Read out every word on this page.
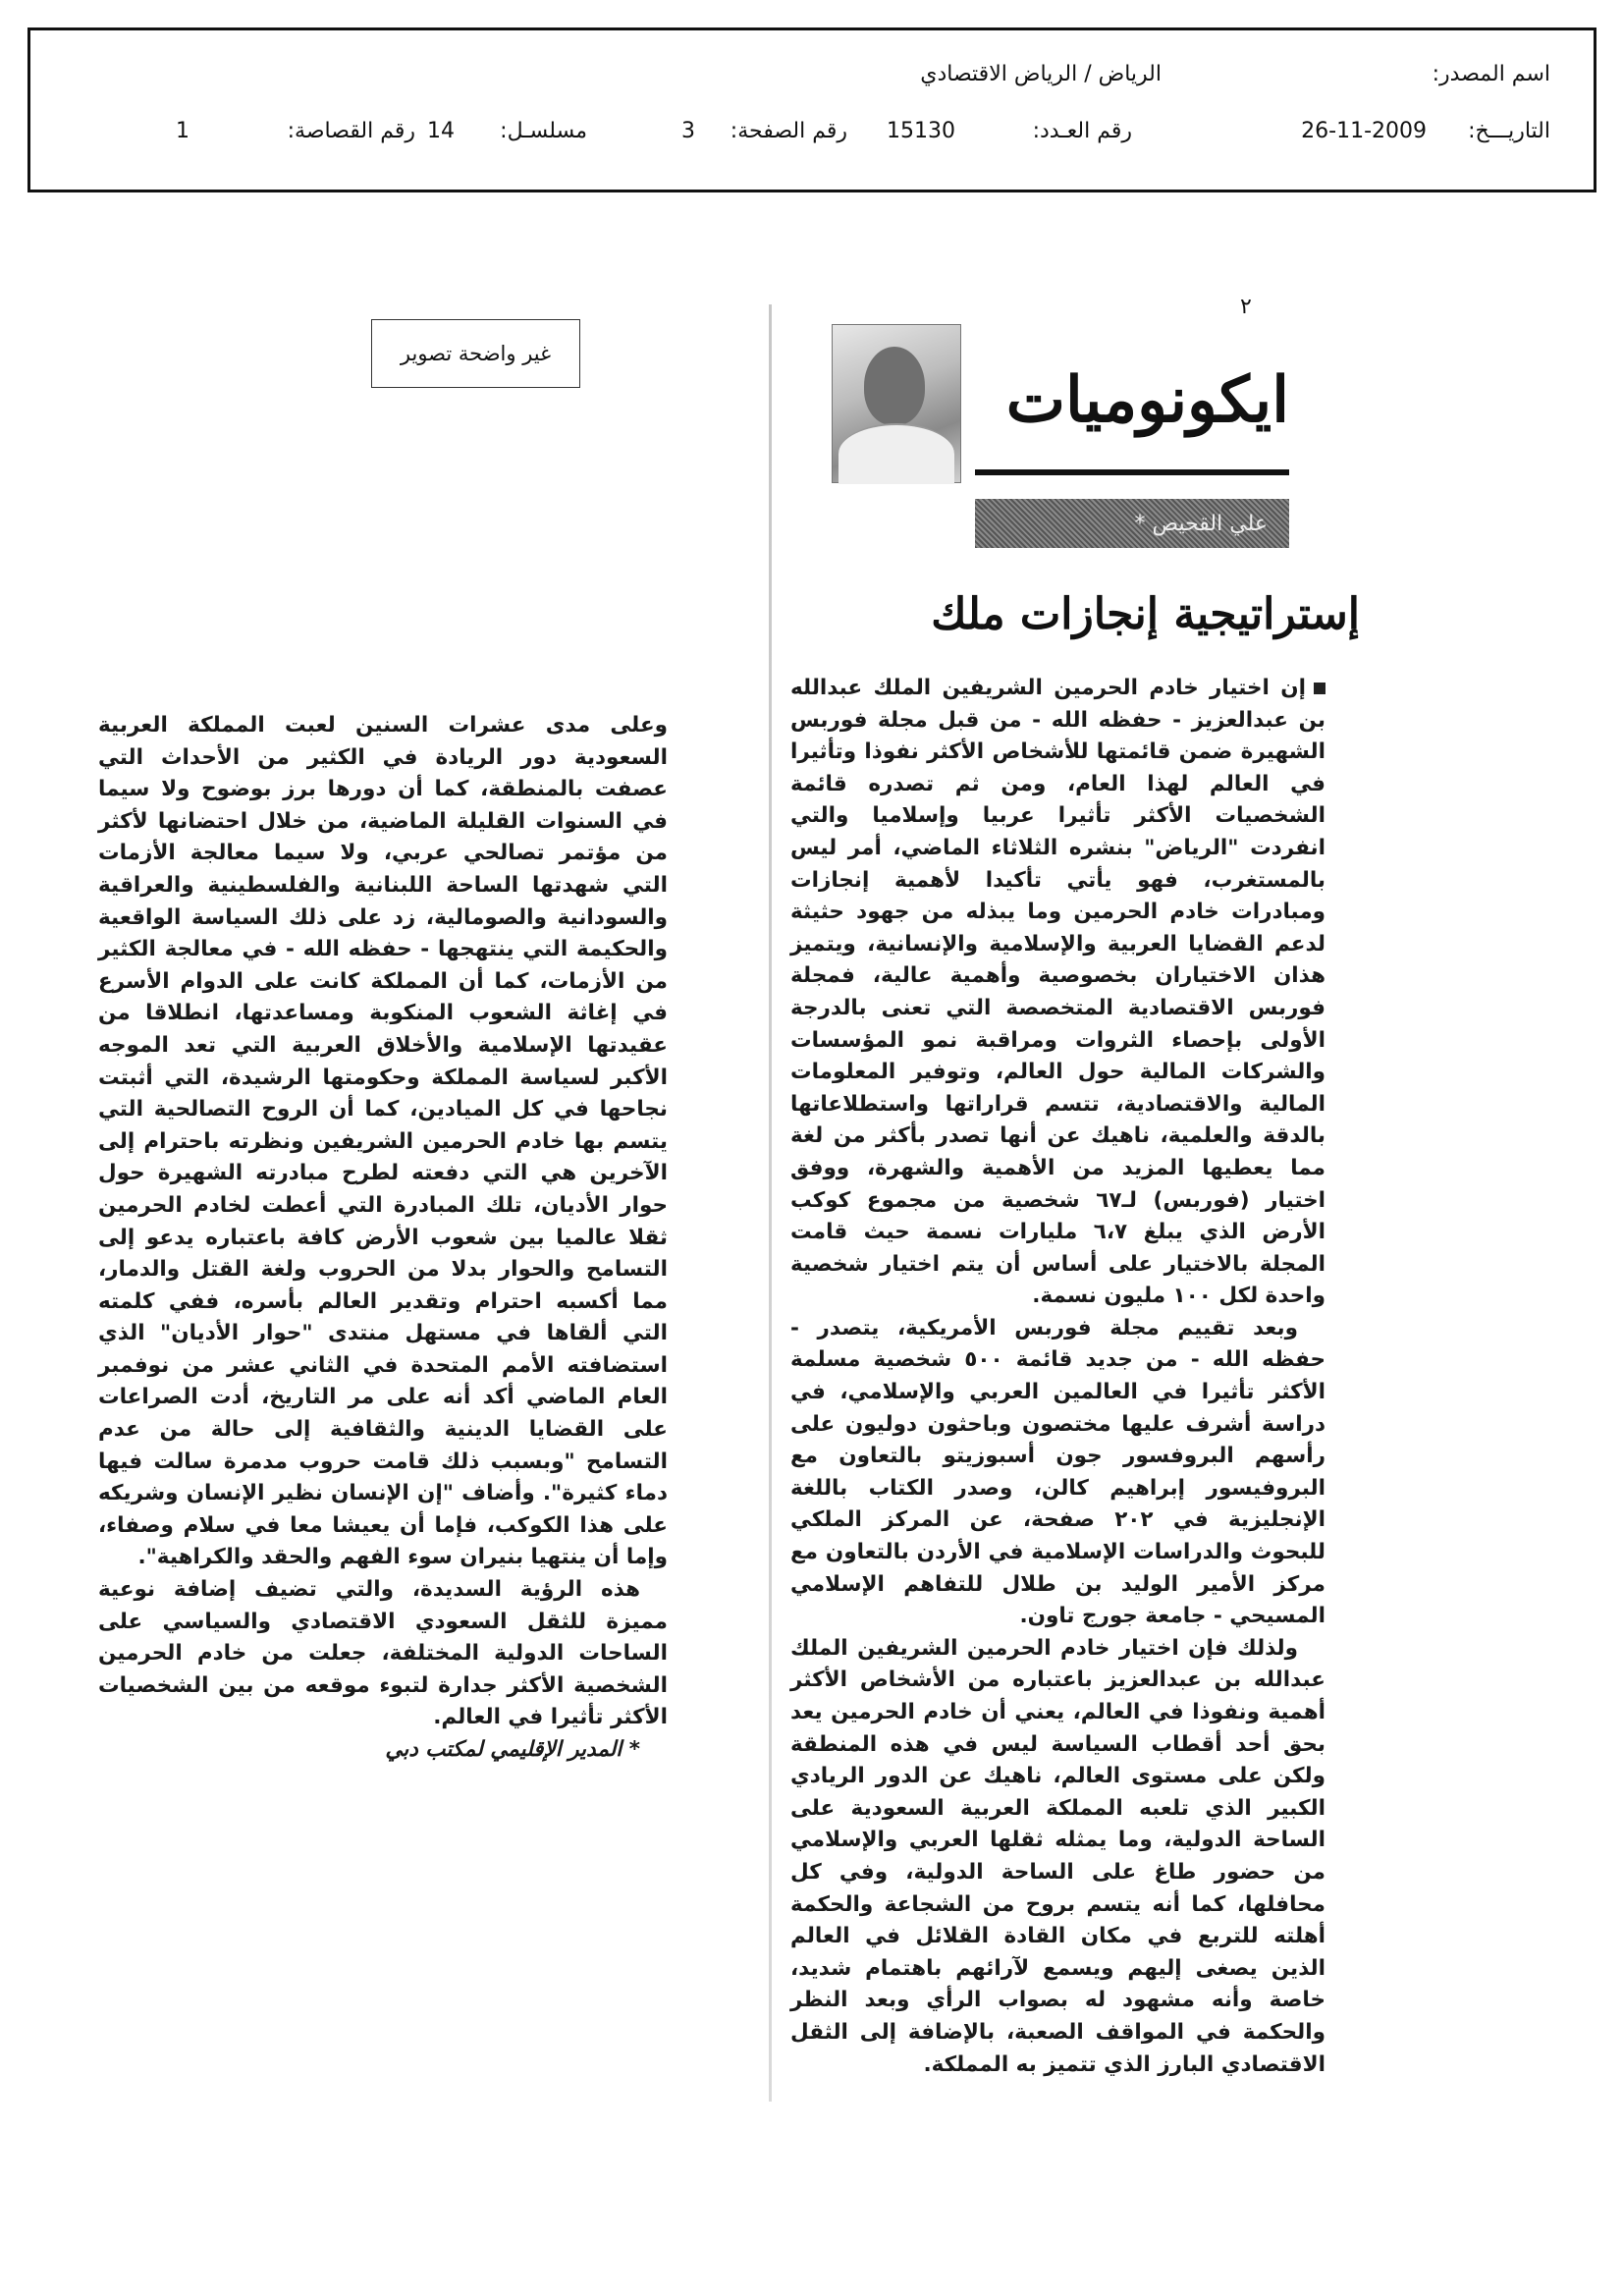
اسم المصدر:
الرياض / الرياض الاقتصادي
التاريـــخ:
26-11-2009
رقم العـدد:
15130
رقم الصفحة:
3
مسلسـل:
14
رقم القصاصة:
1
غير واضحة تصوير
٢
ايكونوميات
علي القحيص *
إستراتيجية إنجازات ملك

إن اختيار خادم الحرمين الشريفين الملك عبدالله بن عبدالعزيز - حفظه الله - من قبل مجلة فوربس الشهيرة ضمن قائمتها للأشخاص الأكثر نفوذا وتأثيرا في العالم لهذا العام، ومن ثم تصدره قائمة الشخصيات الأكثر تأثيرا عربيا وإسلاميا والتي انفردت "الرياض" بنشره الثلاثاء الماضي، أمر ليس بالمستغرب، فهو يأتي تأكيدا لأهمية إنجازات ومبادرات خادم الحرمين وما يبذله من جهود حثيثة لدعم القضايا العربية والإسلامية والإنسانية، ويتميز هذان الاختياران بخصوصية وأهمية عالية، فمجلة فوربس الاقتصادية المتخصصة التي تعنى بالدرجة الأولى بإحصاء الثروات ومراقبة نمو المؤسسات والشركات المالية حول العالم، وتوفير المعلومات المالية والاقتصادية، تتسم قراراتها واستطلاعاتها بالدقة والعلمية، ناهيك عن أنها تصدر بأكثر من لغة مما يعطيها المزيد من الأهمية والشهرة، ووفق اختيار (فوربس) لـ٦٧ شخصية من مجموع كوكب الأرض الذي يبلغ ٦،٧ مليارات نسمة حيث قامت المجلة بالاختيار على أساس أن يتم اختيار شخصية واحدة لكل ١٠٠ مليون نسمة.

وبعد تقييم مجلة فوربس الأمريكية، يتصدر - حفظه الله - من جديد قائمة ٥٠٠ شخصية مسلمة الأكثر تأثيرا في العالمين العربي والإسلامي، في دراسة أشرف عليها مختصون وباحثون دوليون على رأسهم البروفسور جون أسبوزيتو بالتعاون مع البروفيسور إبراهيم كالن، وصدر الكتاب باللغة الإنجليزية في ٢٠٢ صفحة، عن المركز الملكي للبحوث والدراسات الإسلامية في الأردن بالتعاون مع مركز الأمير الوليد بن طلال للتفاهم الإسلامي المسيحي - جامعة جورج تاون.

ولذلك فإن اختيار خادم الحرمين الشريفين الملك عبدالله بن عبدالعزيز باعتباره من الأشخاص الأكثر أهمية ونفوذا في العالم، يعني أن خادم الحرمين يعد بحق أحد أقطاب السياسة ليس في هذه المنطقة ولكن على مستوى العالم، ناهيك عن الدور الريادي الكبير الذي تلعبه المملكة العربية السعودية على الساحة الدولية، وما يمثله ثقلها العربي والإسلامي من حضور طاغ على الساحة الدولية، وفي كل محافلها، كما أنه يتسم بروح من الشجاعة والحكمة أهلته للتربع في مكان القادة القلائل في العالم الذين يصغى إليهم ويسمع لآرائهم باهتمام شديد، خاصة وأنه مشهود له بصواب الرأي وبعد النظر والحكمة في المواقف الصعبة، بالإضافة إلى الثقل الاقتصادي البارز الذي تتميز به المملكة.

وعلى مدى عشرات السنين لعبت المملكة العربية السعودية دور الريادة في الكثير من الأحداث التي عصفت بالمنطقة، كما أن دورها برز بوضوح ولا سيما في السنوات القليلة الماضية، من خلال احتضانها لأكثر من مؤتمر تصالحي عربي، ولا سيما معالجة الأزمات التي شهدتها الساحة اللبنانية والفلسطينية والعراقية والسودانية والصومالية، زد على ذلك السياسة الواقعية والحكيمة التي ينتهجها - حفظه الله - في معالجة الكثير من الأزمات، كما أن المملكة كانت على الدوام الأسرع في إغاثة الشعوب المنكوبة ومساعدتها، انطلاقا من عقيدتها الإسلامية والأخلاق العربية التي تعد الموجه الأكبر لسياسة المملكة وحكومتها الرشيدة، التي أثبتت نجاحها في كل الميادين، كما أن الروح التصالحية التي يتسم بها خادم الحرمين الشريفين ونظرته باحترام إلى الآخرين هي التي دفعته لطرح مبادرته الشهيرة حول حوار الأديان، تلك المبادرة التي أعطت لخادم الحرمين ثقلا عالميا بين شعوب الأرض كافة باعتباره يدعو إلى التسامح والحوار بدلا من الحروب ولغة القتل والدمار، مما أكسبه احترام وتقدير العالم بأسره، ففي كلمته التي ألقاها في مستهل منتدى "حوار الأديان" الذي استضافته الأمم المتحدة في الثاني عشر من نوفمبر العام الماضي أكد أنه على مر التاريخ، أدت الصراعات على القضايا الدينية والثقافية إلى حالة من عدم التسامح "وبسبب ذلك قامت حروب مدمرة سالت فيها دماء كثيرة". وأضاف "إن الإنسان نظير الإنسان وشريكه على هذا الكوكب، فإما أن يعيشا معا في سلام وصفاء، وإما أن ينتهيا بنيران سوء الفهم والحقد والكراهية".

هذه الرؤية السديدة، والتي تضيف إضافة نوعية مميزة للثقل السعودي الاقتصادي والسياسي على الساحات الدولية المختلفة، جعلت من خادم الحرمين الشخصية الأكثر جدارة لتبوء موقعه من بين الشخصيات الأكثر تأثيرا في العالم.

* المدير الإقليمي لمكتب دبي
